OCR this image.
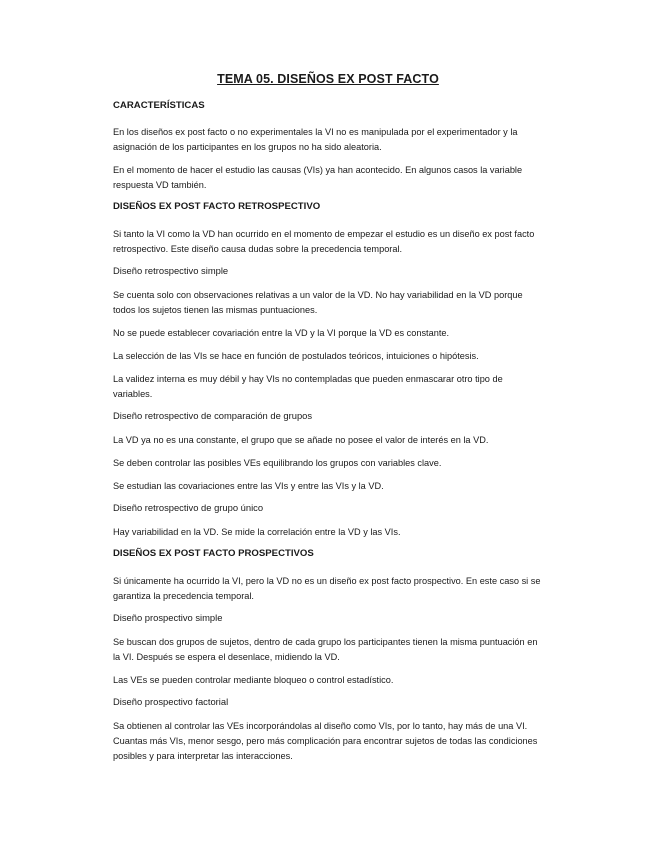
TEMA 05. DISEÑOS EX POST FACTO
CARACTERÍSTICAS
En los diseños ex post facto o no experimentales la VI no es manipulada por el experimentador y la asignación de los participantes en los grupos no ha sido aleatoria.
En el momento de hacer el estudio las causas (VIs) ya han acontecido. En algunos casos la variable respuesta VD también.
DISEÑOS EX POST FACTO RETROSPECTIVO
Si tanto la VI como la VD han ocurrido en el momento de empezar el estudio es un diseño ex post facto retrospectivo. Este diseño causa dudas sobre la precedencia temporal.
Diseño retrospectivo simple
Se cuenta solo con observaciones relativas a un valor de la VD. No hay variabilidad en la VD porque todos los sujetos tienen las mismas puntuaciones.
No se puede establecer covariación entre la VD y la VI porque la VD es constante.
La selección de las VIs se hace en función de postulados teóricos, intuiciones o hipótesis.
La validez interna es muy débil y hay VIs no contempladas que pueden enmascarar otro tipo de variables.
Diseño retrospectivo de comparación de grupos
La VD ya no es una constante, el grupo que se añade no posee el valor de interés en la VD.
Se deben controlar las posibles VEs equilibrando los grupos con variables clave.
Se estudian las covariaciones entre las VIs y entre las VIs y la VD.
Diseño retrospectivo de grupo único
Hay variabilidad en la VD. Se mide la correlación entre la VD y las VIs.
DISEÑOS EX POST FACTO PROSPECTIVOS
Si únicamente ha ocurrido la VI, pero la VD no es un diseño ex post facto prospectivo. En este caso si se garantiza la precedencia temporal.
Diseño prospectivo simple
Se buscan dos grupos de sujetos, dentro de cada grupo los participantes tienen la misma puntuación en la VI. Después se espera el desenlace, midiendo la VD.
Las VEs se pueden controlar mediante bloqueo o control estadístico.
Diseño prospectivo factorial
Sa obtienen al controlar las VEs incorporándolas al diseño como VIs, por lo tanto, hay más de una VI. Cuantas más VIs, menor sesgo, pero más complicación para encontrar sujetos de todas las condiciones posibles y para interpretar las interacciones.
